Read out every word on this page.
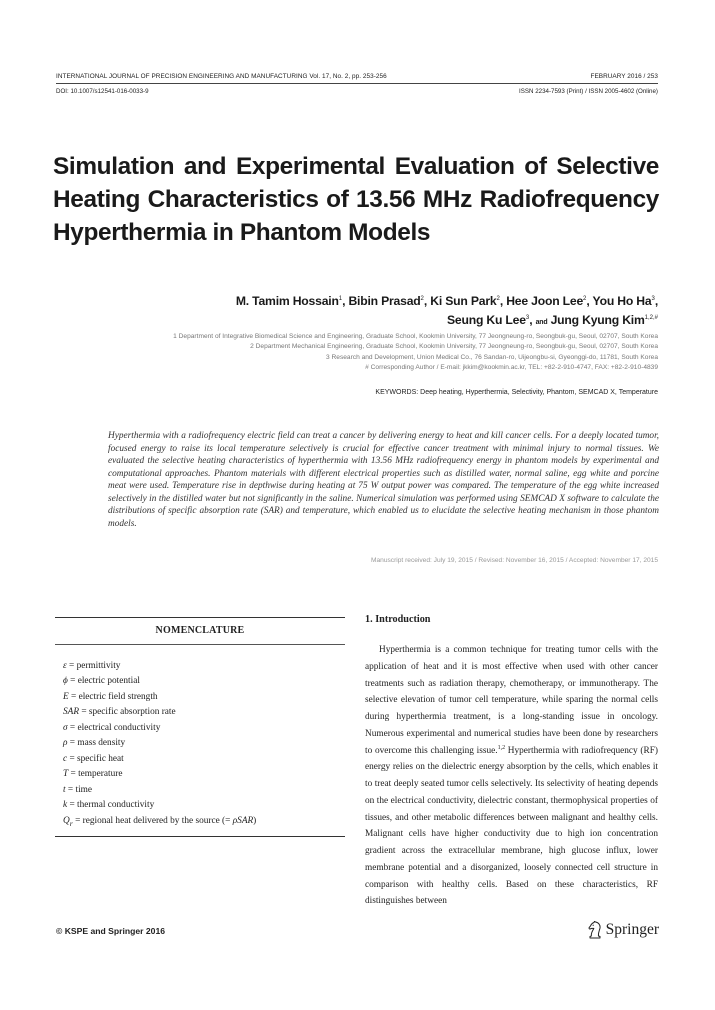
INTERNATIONAL JOURNAL OF PRECISION ENGINEERING AND MANUFACTURING Vol. 17, No. 2, pp. 253-256	FEBRUARY 2016 / 253
DOI: 10.1007/s12541-016-0033-9	ISSN 2234-7593 (Print) / ISSN 2005-4602 (Online)
Simulation and Experimental Evaluation of Selective Heating Characteristics of 13.56 MHz Radiofrequency Hyperthermia in Phantom Models
M. Tamim Hossain$^1$, Bibin Prasad$^2$, Ki Sun Park$^2$, Hee Joon Lee$^2$, You Ho Ha$^3$,
Seung Ku Lee$^3$, and Jung Kyung Kim$^{1,2,\#}$
1 Department of Integrative Biomedical Science and Engineering, Graduate School, Kookmin University, 77 Jeongneung-ro, Seongbuk-gu, Seoul, 02707, South Korea
2 Department Mechanical Engineering, Graduate School, Kookmin University, 77 Jeongneung-ro, Seongbuk-gu, Seoul, 02707, South Korea
3 Research and Development, Union Medical Co., 76 Sandan-ro, Uijeongbu-si, Gyeonggi-do, 11781, South Korea
# Corresponding Author / E-mail: jkkim@kookmin.ac.kr, TEL: +82-2-910-4747, FAX: +82-2-910-4839
KEYWORDS: Deep heating, Hyperthermia, Selectivity, Phantom, SEMCAD X, Temperature

Hyperthermia with a radiofrequency electric field can treat a cancer by delivering energy to heat and kill cancer cells. For a deeply located tumor, focused energy to raise its local temperature selectively is crucial for effective cancer treatment with minimal injury to normal tissues. We evaluated the selective heating characteristics of hyperthermia with 13.56 MHz radiofrequency energy in phantom models by experimental and computational approaches. Phantom materials with different electrical properties such as distilled water, normal saline, egg white and porcine meat were used. Temperature rise in depthwise during heating at 75 W output power was compared. The temperature of the egg white increased selectively in the distilled water but not significantly in the saline. Numerical simulation was performed using SEMCAD X software to calculate the distributions of specific absorption rate (SAR) and temperature, which enabled us to elucidate the selective heating mechanism in those phantom models.

Manuscript received: July 19, 2015 / Revised: November 16, 2015 / Accepted: November 17, 2015
NOMENCLATURE
ε = permittivity
ϕ = electric potential
E = electric field strength
SAR = specific absorption rate
σ = electrical conductivity
ρ = mass density
c = specific heat
T = temperature
t = time
k = thermal conductivity
$Q_r$ = regional heat delivered by the source (= ρSAR)
1. Introduction

Hyperthermia is a common technique for treating tumor cells with the application of heat and it is most effective when used with other cancer treatments such as radiation therapy, chemotherapy, or immunotherapy. The selective elevation of tumor cell temperature, while sparing the normal cells during hyperthermia treatment, is a long-standing issue in oncology. Numerous experimental and numerical studies have been done by researchers to overcome this challenging issue.$^{1,2}$ Hyperthermia with radiofrequency (RF) energy relies on the dielectric energy absorption by the cells, which enables it to treat deeply seated tumor cells selectively. Its selectivity of heating depends on the electrical conductivity, dielectric constant, thermophysical properties of tissues, and other metabolic differences between malignant and healthy cells. Malignant cells have higher conductivity due to high ion concentration gradient across the extracellular membrane, high glucose influx, lower membrane potential and a disorganized, loosely connected cell structure in comparison with healthy cells. Based on these characteristics, RF distinguishes between

© KSPE and Springer 2016	Springer
